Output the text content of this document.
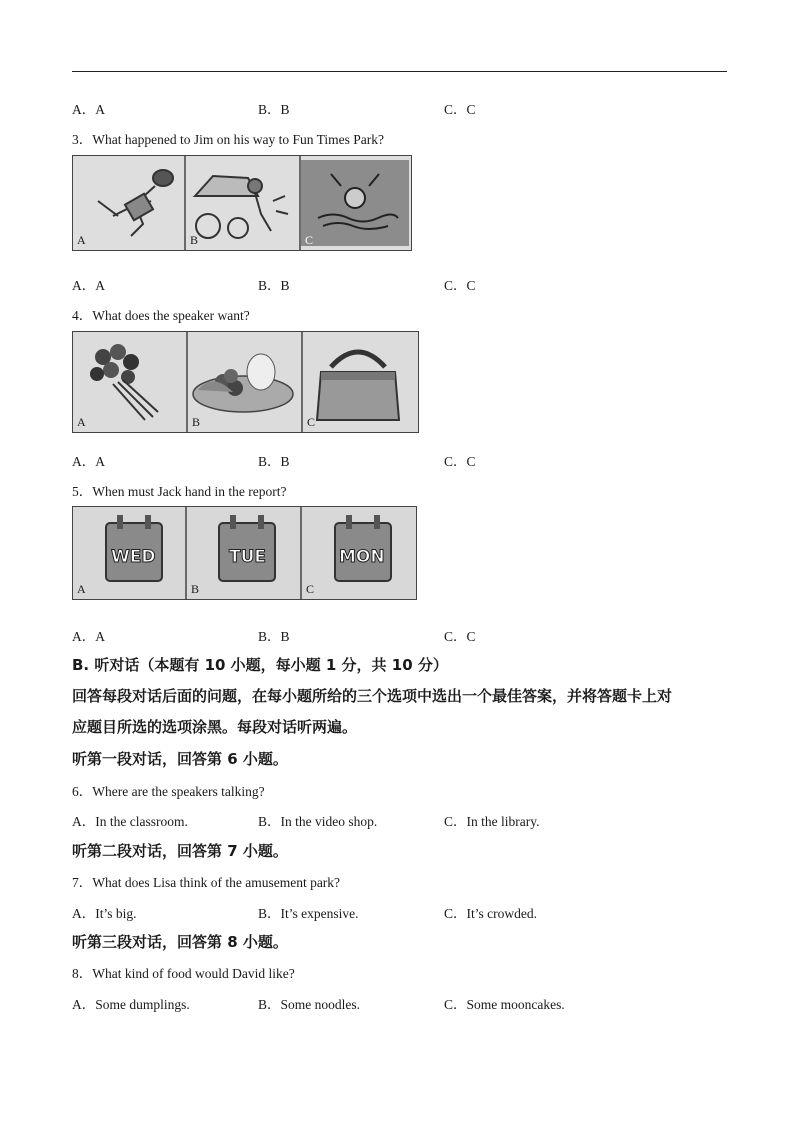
A．A	B．B	C．C
3．What happened to Jim on his way to Fun Times Park?
A	B	C
A．A	B．B	C．C
4．What does the speaker want?
A	B	C
A．A	B．B	C．C
5．When must Jack hand in the report?
WED	TUE	MON
A	B	C
A．A	B．B	C．C
B. 听对话（本题有 10 小题，每小题 1 分，共 10 分）
回答每段对话后面的问题，在每小题所给的三个选项中选出一个最佳答案，并将答题卡上对
应题目所选的选项涂黑。每段对话听两遍。
听第一段对话，回答第 6 小题。
6．Where are the speakers talking?
A．In the classroom.	B．In the video shop.	C．In the library.
听第二段对话，回答第 7 小题。
7．What does Lisa think of the amusement park?
A．It’s big.	B．It’s expensive.	C．It’s crowded.
听第三段对话，回答第 8 小题。
8．What kind of food would David like?
A．Some dumplings.	B．Some noodles.	C．Some mooncakes.
